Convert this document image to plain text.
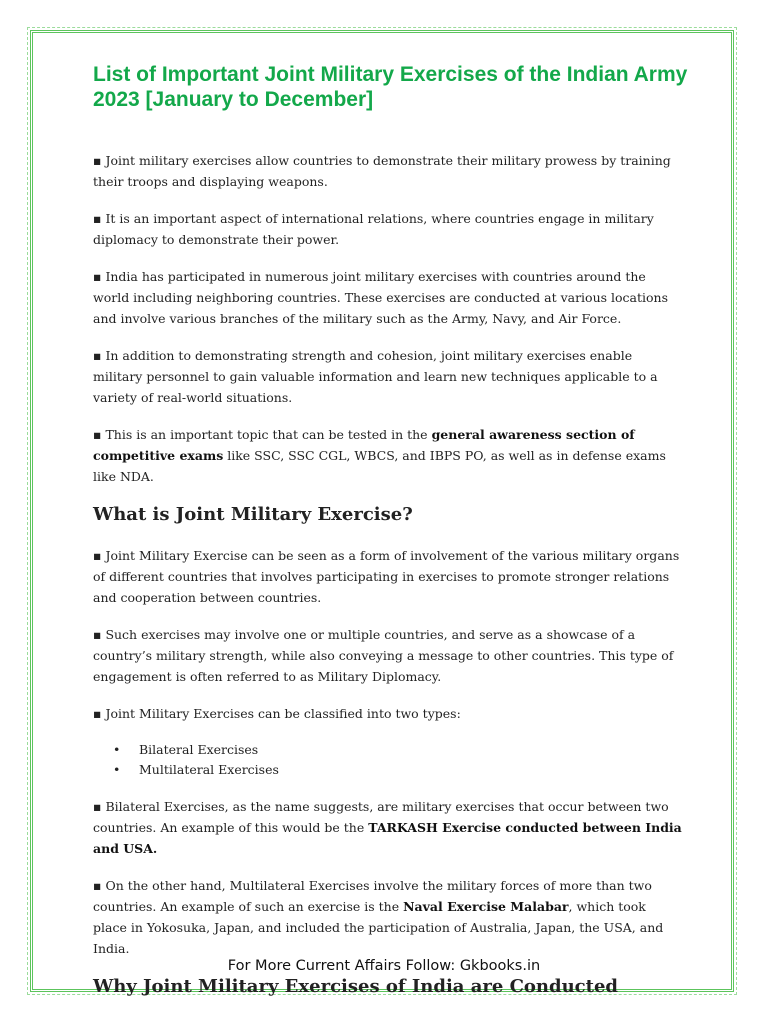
List of Important Joint Military Exercises of the Indian Army 2023 [January to December]

▪ Joint military exercises allow countries to demonstrate their military prowess by training their troops and displaying weapons.

▪ It is an important aspect of international relations, where countries engage in military diplomacy to demonstrate their power.

▪ India has participated in numerous joint military exercises with countries around the world including neighboring countries. These exercises are conducted at various locations and involve various branches of the military such as the Army, Navy, and Air Force.

▪ In addition to demonstrating strength and cohesion, joint military exercises enable military personnel to gain valuable information and learn new techniques applicable to a variety of real-world situations.

▪ This is an important topic that can be tested in the general awareness section of competitive exams like SSC, SSC CGL, WBCS, and IBPS PO, as well as in defense exams like NDA.

What is Joint Military Exercise?

▪ Joint Military Exercise can be seen as a form of involvement of the various military organs of different countries that involves participating in exercises to promote stronger relations and cooperation between countries.

▪ Such exercises may involve one or multiple countries, and serve as a showcase of a country’s military strength, while also conveying a message to other countries. This type of engagement is often referred to as Military Diplomacy.

▪ Joint Military Exercises can be classified into two types:

• Bilateral Exercises
• Multilateral Exercises

▪ Bilateral Exercises, as the name suggests, are military exercises that occur between two countries. An example of this would be the TARKASH Exercise conducted between India and USA.

▪ On the other hand, Multilateral Exercises involve the military forces of more than two countries. An example of such an exercise is the Naval Exercise Malabar, which took place in Yokosuka, Japan, and included the participation of Australia, Japan, the USA, and India.

Why Joint Military Exercises of India are Conducted
For More Current Affairs Follow: Gkbooks.in
